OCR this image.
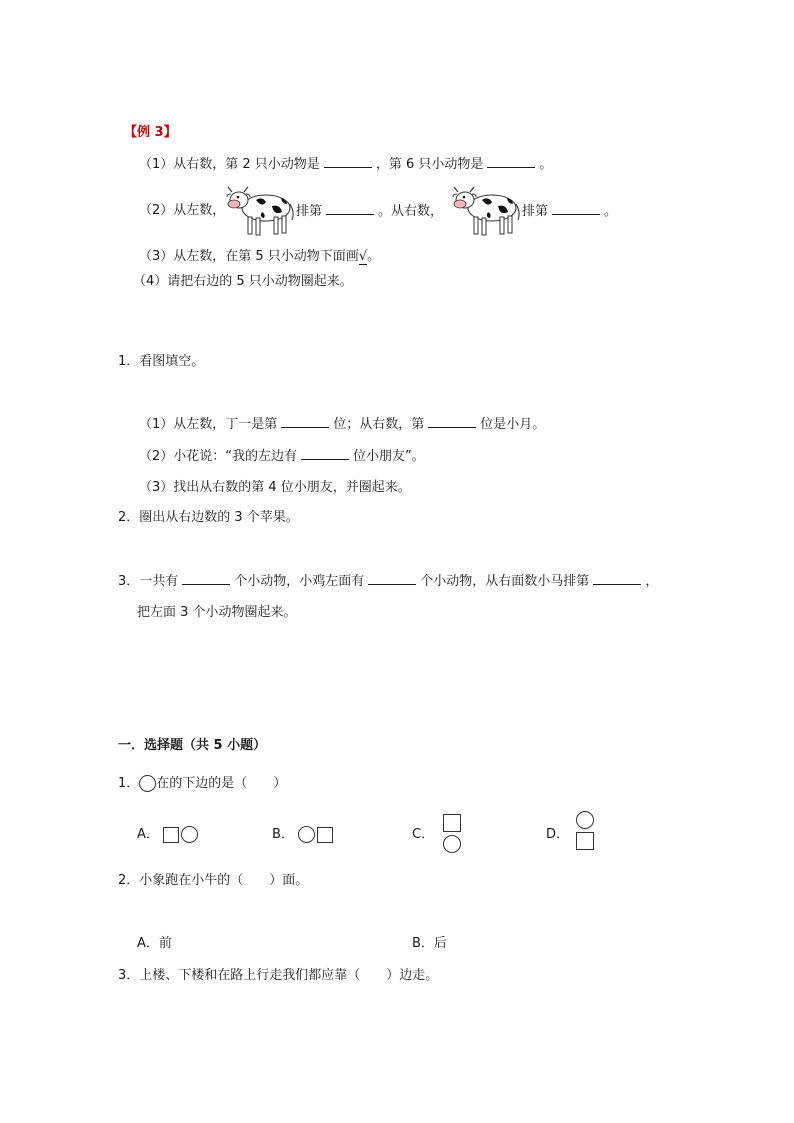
【例 3】
（1）从右数，第 2 只小动物是	，第 6 只小动物是	。
（2）从左数，	排第	。从右数，	排第	。
（3）从左数，在第 5 只小动物下面画√。
（4）请把右边的 5 只小动物圈起来。
1．看图填空。
（1）从左数，丁一是第	位；从右数，第	位是小月。
（2）小花说：“我的左边有	位小朋友”。
（3）找出从右数的第 4 位小朋友，并圈起来。
2．圈出从右边数的 3 个苹果。
3．一共有	个小动物，小鸡左面有	个小动物，从右面数小马排第	，
把左面 3 个小动物圈起来。
一．选择题（共 5 小题）
1． 在的下边的是（　　）
A．	B．	C．	D．
2．小象跑在小牛的（　　）面。
A．前	B．后
3．上楼、下楼和在路上行走我们都应靠（　　）边走。
